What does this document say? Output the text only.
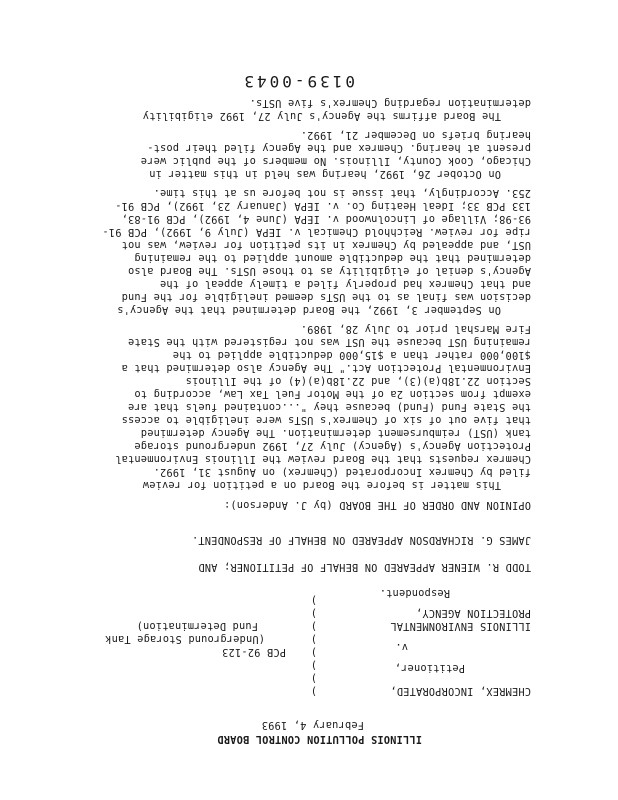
ILLINOIS POLLUTION CONTROL BOARD
February 4, 1993
CHEMREX, INCORPORATED,
)
)
Petitioner,
)
)	v.
)
ILLINOIS ENVIRONMENTAL
)
PROTECTION AGENCY,
)
)
Respondent.
PCB 92-123
(Underground Storage Tank
Fund Determination)
TODD R. WIENER APPEARED ON BEHALF OF PETITIONER; AND
JAMES G. RICHARDSON APPEARED ON BEHALF OF RESPONDENT.
OPINION AND ORDER OF THE BOARD (by J. Anderson):
This matter is before the Board on a petition for review
filed by Chemrex Incorporated (Chemrex) on August 31, 1992.
Chemrex requests that the Board review the Illinois Environmental
Protection Agency's (Agency) July 27, 1992 underground storage
tank (UST) reimbursement determination. The Agency determined
that five out of six of Chemrex's USTs were ineligible to access
the State Fund (Fund) because they "...contained fuels that are
exempt from section 2a of the Motor Fuel Tax Law, according to
Section 22.18b(a)(3), and 22.18b(a)(4) of the Illinois
Environmental Protection Act." The Agency also determined that a
$100,000 rather than a $15,000 deductible applied to the
remaining UST because the UST was not registered with the State
Fire Marshal prior to July 28, 1989.
On September 3, 1992, the Board determined that the Agency's
decision was final as to the USTs deemed ineligible for the Fund
and that Chemrex had properly filed a timely appeal of the
Agency's denial of eligibility as to those USTs. The Board also
determined that the deductible amount applied to the remaining
UST, and appealed by Chemrex in its petition for review, was not
ripe for review. Reichhold Chemical v. IEPA (July 9, 1992), PCB 91-
93-98; Village of Lincolnwood v. IEPA (June 4, 1992), PCB 91-83,
133 PCB 33; Ideal Heating Co. v. IEPA (January 23, 1992), PCB 91-
253. Accordingly, that issue is not before us at this time.
On October 26, 1992, hearing was held in this matter in
Chicago, Cook County, Illinois. No members of the public were
present at hearing. Chemrex and the Agency filed their post-
hearing briefs on December 21, 1992.
The Board affirms the Agency's July 27, 1992 eligibility
determination regarding Chemrex's five USTs.
0139-0043
